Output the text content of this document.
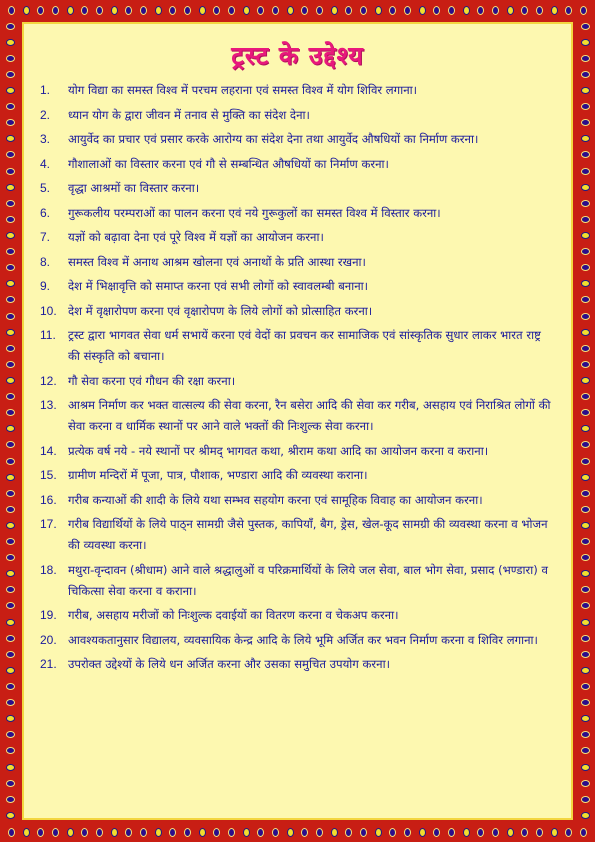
ट्रस्ट के उद्देश्य
1.	योग विद्या का समस्त विश्व में परचम लहराना एवं समस्त विश्व में योग शिविर लगाना।
2.	ध्यान योग के द्वारा जीवन में तनाव से मुक्ति का संदेश देना।
3.	आयुर्वेद का प्रचार एवं प्रसार करके आरोग्य का संदेश देना तथा आयुर्वेद औषधियों का निर्माण करना।
4.	गौशालाओं का विस्तार करना एवं गौ से सम्बन्धित औषधियों का निर्माण करना।
5.	वृद्धा आश्रमों का विस्तार करना।
6.	गुरूकलीय परम्पराओं का पालन करना एवं नये गुरूकुलों का समस्त विश्व में विस्तार करना।
7.	यज्ञों को बढ़ावा देना एवं पूरे विश्व में यज्ञों का आयोजन करना।
8.	समस्त विश्व में अनाथ आश्रम खोलना एवं अनाथों के प्रति आस्था रखना।
9.	देश में भिक्षावृत्ति को समाप्त करना एवं सभी लोगों को स्वावलम्बी बनाना।
10. देश में वृक्षारोपण करना एवं वृक्षारोपण के लिये लोगों को प्रोत्साहित करना।
11.	ट्रस्ट द्वारा भागवत सेवा धर्म सभायें करना एवं वेदों का प्रवचन कर सामाजिक एवं सांस्कृतिक सुधार लाकर भारत राष्ट्र की संस्कृति को बचाना।
12. गौ सेवा करना एवं गौधन की रक्षा करना।
13. आश्रम निर्माण कर भक्त वात्सल्य की सेवा करना, रैन बसेरा आदि की सेवा कर गरीब, असहाय एवं निराश्रित लोगों की सेवा करना व धार्मिक स्थानों पर आने वाले भक्तों की निःशुल्क सेवा करना।
14. प्रत्येक वर्ष नये - नये स्थानों पर श्रीमद् भागवत कथा, श्रीराम कथा आदि का आयोजन करना व कराना।
15. ग्रामीण मन्दिरों में पूजा, पात्र, पौशाक, भण्डारा आदि की व्यवस्था कराना।
16. गरीब कन्याओं की शादी के लिये यथा सम्भव सहयोग करना एवं सामूहिक विवाह का आयोजन करना।
17. गरीब विद्यार्थियों के लिये पाठ्न सामग्री जैसे पुस्तक, कापियाँ, बैग, ड्रेस, खेल-कूद सामग्री की व्यवस्था करना व भोजन की व्यवस्था करना।
18. मथुरा-वृन्दावन (श्रीधाम) आने वाले श्रद्धालुओं व परिक्रमार्थियों के लिये जल सेवा, बाल भोग सेवा, प्रसाद (भण्डारा) व चिकित्सा सेवा करना व कराना।
19. गरीब, असहाय मरीजों को निःशुल्क दवाईयों का वितरण करना व चेकअप करना।
20. आवश्यकतानुसार विद्यालय, व्यवसायिक केन्द्र आदि के लिये भूमि अर्जित कर भवन निर्माण करना व शिविर लगाना।
21. उपरोक्त उद्देश्यों के लिये धन अर्जित करना और उसका समुचित उपयोग करना।
